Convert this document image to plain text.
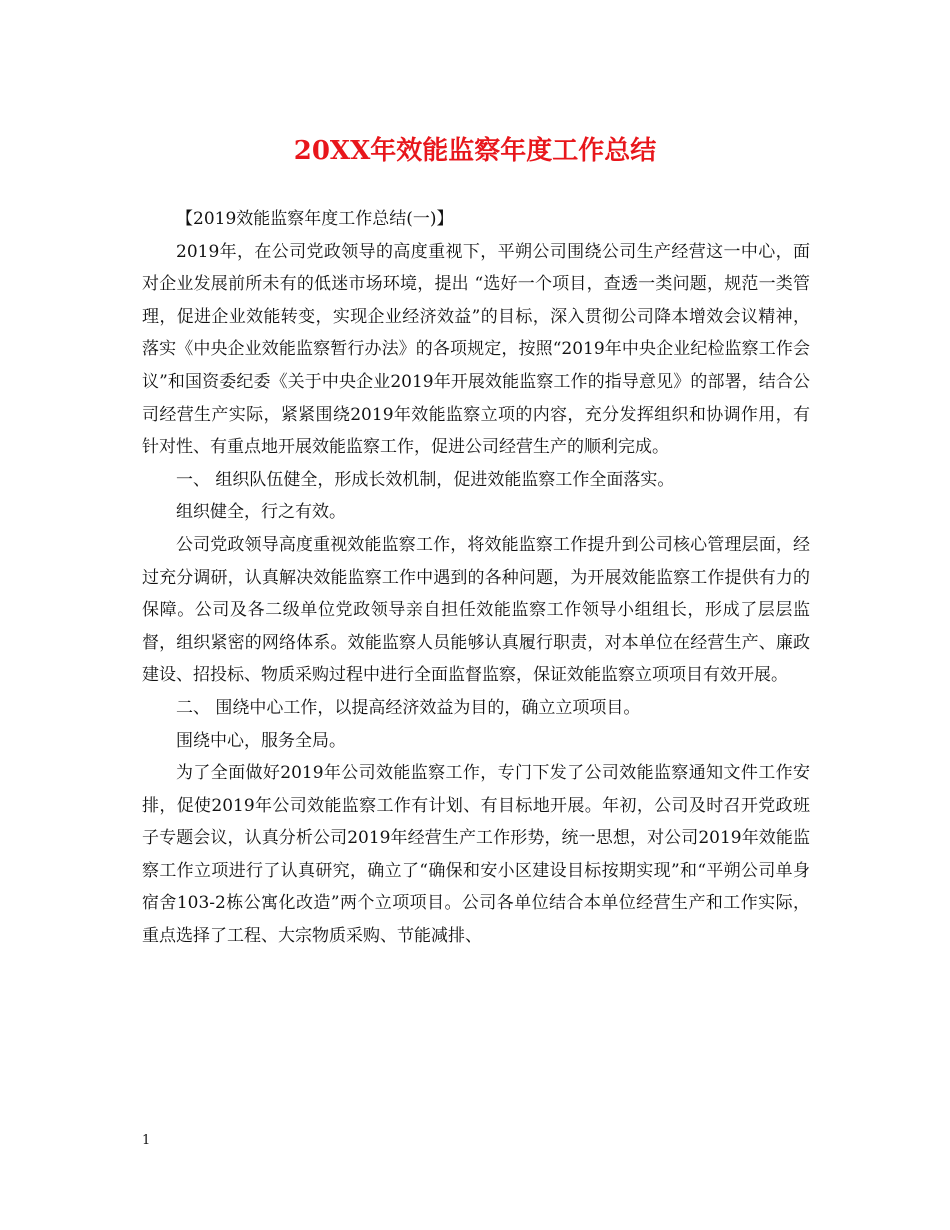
20XX年效能监察年度工作总结

【2019效能监察年度工作总结(一)】

2019年，在公司党政领导的高度重视下，平朔公司围绕公司生产经营这一中心，面对企业发展前所未有的低迷市场环境，提出 “选好一个项目，查透一类问题，规范一类管理，促进企业效能转变，实现企业经济效益”的目标，深入贯彻公司降本增效会议精神，落实《中央企业效能监察暂行办法》的各项规定，按照“2019年中央企业纪检监察工作会议”和国资委纪委《关于中央企业2019年开展效能监察工作的指导意见》的部署，结合公司经营生产实际，紧紧围绕2019年效能监察立项的内容，充分发挥组织和协调作用，有针对性、有重点地开展效能监察工作，促进公司经营生产的顺利完成。

一、 组织队伍健全，形成长效机制，促进效能监察工作全面落实。

组织健全，行之有效。

公司党政领导高度重视效能监察工作，将效能监察工作提升到公司核心管理层面，经过充分调研，认真解决效能监察工作中遇到的各种问题，为开展效能监察工作提供有力的保障。公司及各二级单位党政领导亲自担任效能监察工作领导小组组长，形成了层层监督，组织紧密的网络体系。效能监察人员能够认真履行职责，对本单位在经营生产、廉政建设、招投标、物质采购过程中进行全面监督监察，保证效能监察立项项目有效开展。

二、 围绕中心工作，以提高经济效益为目的，确立立项项目。

围绕中心，服务全局。

为了全面做好2019年公司效能监察工作，专门下发了公司效能监察通知文件工作安排，促使2019年公司效能监察工作有计划、有目标地开展。年初，公司及时召开党政班子专题会议，认真分析公司2019年经营生产工作形势，统一思想，对公司2019年效能监察工作立项进行了认真研究，确立了“确保和安小区建设目标按期实现”和“平朔公司单身宿舍103-2栋公寓化改造”两个立项项目。公司各单位结合本单位经营生产和工作实际，重点选择了工程、大宗物质采购、节能减排、

1
